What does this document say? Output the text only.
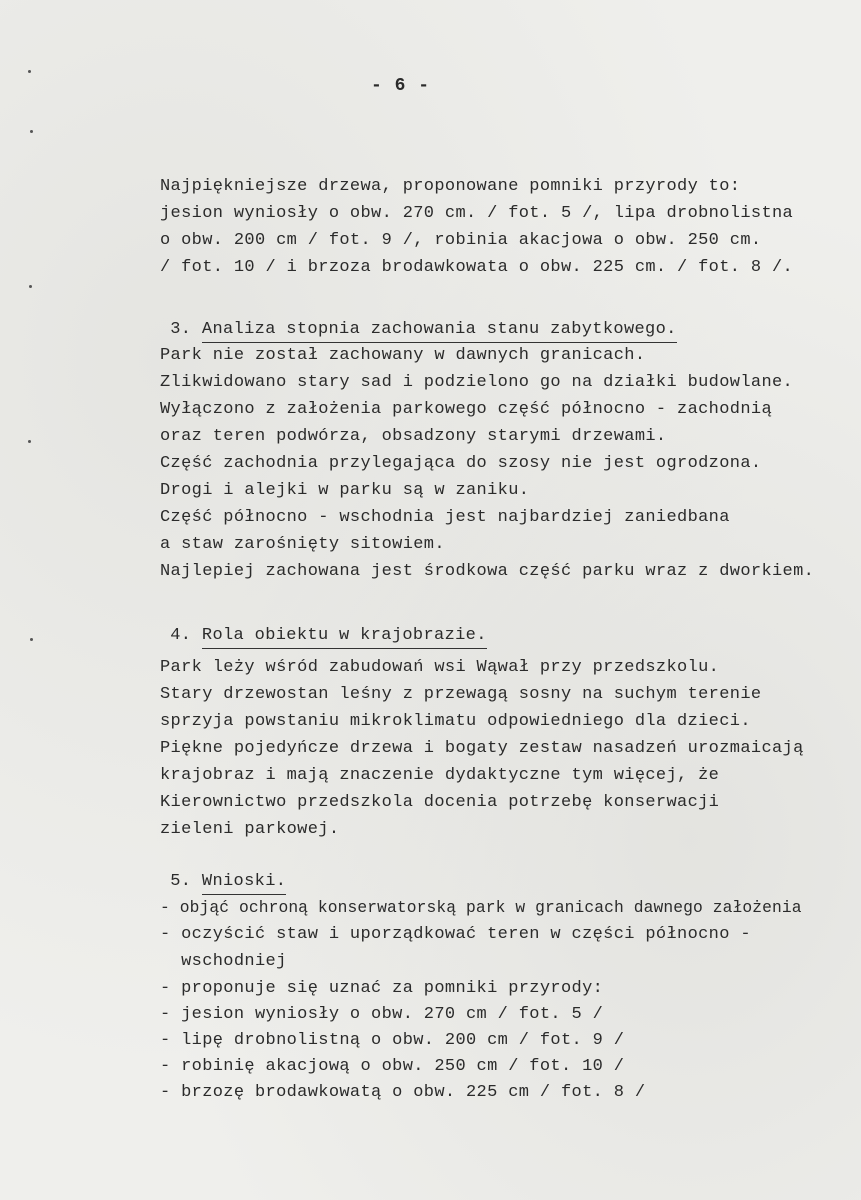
- 6 -
Najpiękniejsze drzewa, proponowane pomniki przyrody to:
jesion wyniosły o obw. 270 cm. / fot. 5 /, lipa drobnolistna
o obw. 200 cm / fot. 9 /, robinia akacjowa o obw. 250 cm.
/ fot. 10 / i brzoza brodawkowata o obw. 225 cm. / fot. 8 /.

3. Analiza stopnia zachowania stanu zabytkowego.

Park nie został zachowany w dawnych granicach.
Zlikwidowano stary sad i podzielono go na działki budowlane.
Wyłączono z założenia parkowego część północno - zachodnią
oraz teren podwórza, obsadzony starymi drzewami.
Część zachodnia przylegająca do szosy nie jest ogrodzona.
Drogi i alejki w parku są w zaniku.
Część północno - wschodnia jest najbardziej zaniedbana
a staw zarośnięty sitowiem.
Najlepiej zachowana jest środkowa część parku wraz z dworkiem.

4. Rola obiektu w krajobrazie.

Park leży wśród zabudowań wsi Wąwał przy przedszkolu.
Stary drzewostan leśny z przewagą sosny na suchym terenie
sprzyja powstaniu mikroklimatu odpowiedniego dla dzieci.
Piękne pojedyńcze drzewa i bogaty zestaw nasadzeń urozmaicają
krajobraz i mają znaczenie dydaktyczne tym więcej, że
Kierownictwo przedszkola docenia potrzebę konserwacji
zieleni parkowej.

5. Wnioski.

- objąć ochroną konserwatorską park w granicach dawnego założenia
- oczyścić staw i uporządkować teren w części północno -
wschodniej
- proponuje się uznać za pomniki przyrody:
- jesion wyniosły o obw. 270 cm / fot. 5 /
- lipę drobnolistną o obw. 200 cm / fot. 9 /
- robinię akacjową o obw. 250 cm / fot. 10 /
- brzozę brodawkowatą o obw. 225 cm / fot. 8 /
